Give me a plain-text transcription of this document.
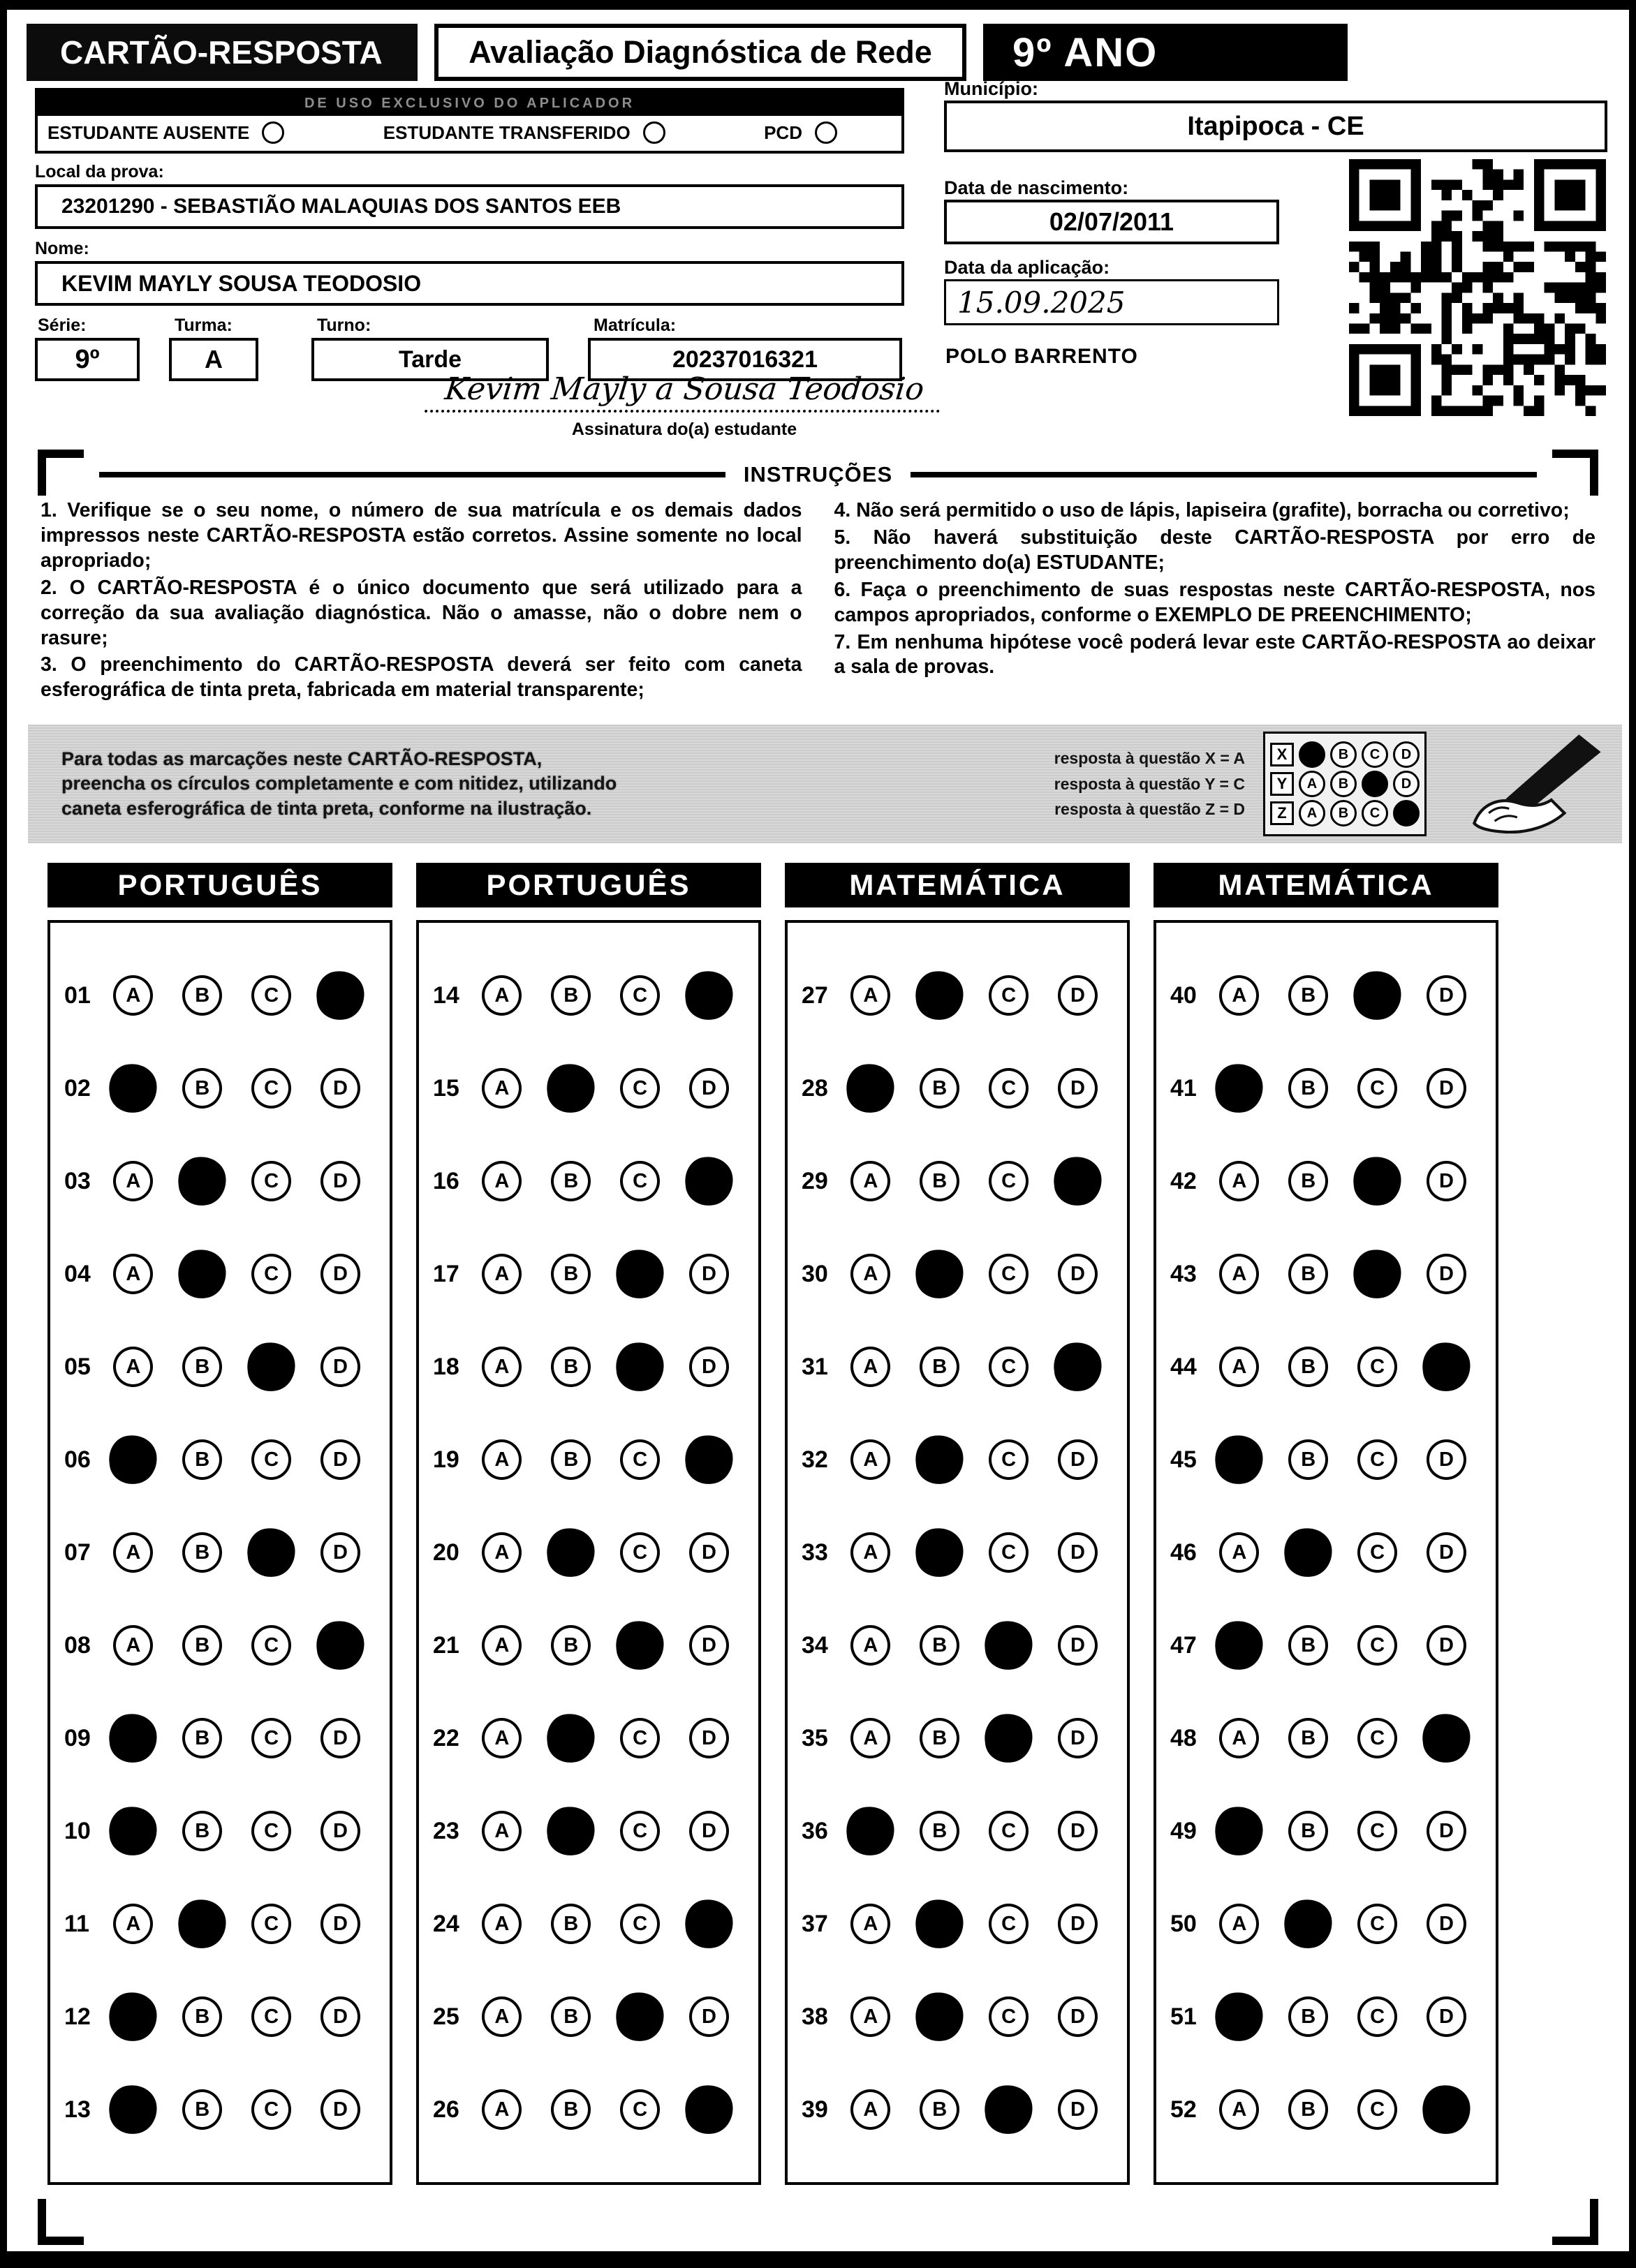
CARTÃO-RESPOSTA	Avaliação Diagnóstica de Rede	9º ANO
DE USO EXCLUSIVO DO APLICADOR
ESTUDANTE AUSENTE	ESTUDANTE TRANSFERIDO	PCD
Local da prova:
23201290 - SEBASTIÃO MALAQUIAS DOS SANTOS EEB
Nome:
KEVIM MAYLY SOUSA TEODOSIO
Série:
9º
Turma:
A
Turno:
Tarde
Matrícula:
20237016321
Município:
Itapipoca - CE
Data de nascimento:
02/07/2011
Data da aplicação:
15.09.2025
POLO BARRENTO
Kevim Mayly a Sousa Teodosio
Assinatura do(a) estudante
INSTRUÇÕES

1. Verifique se o seu nome, o número de sua matrícula e os demais dados impressos neste CARTÃO-RESPOSTA estão corretos. Assine somente no local apropriado;

2. O CARTÃO-RESPOSTA é o único documento que será utilizado para a correção da sua avaliação diagnóstica. Não o amasse, não o dobre nem o rasure;

3. O preenchimento do CARTÃO-RESPOSTA deverá ser feito com caneta esferográfica de tinta preta, fabricada em material transparente;

4. Não será permitido o uso de lápis, lapiseira (grafite), borracha ou corretivo;

5. Não haverá substituição deste CARTÃO-RESPOSTA por erro de preenchimento do(a) ESTUDANTE;

6. Faça o preenchimento de suas respostas neste CARTÃO-RESPOSTA, nos campos apropriados, conforme o EXEMPLO DE PREENCHIMENTO;

7. Em nenhuma hipótese você poderá levar este CARTÃO-RESPOSTA ao deixar a sala de provas.

Para todas as marcações neste CARTÃO-RESPOSTA, preencha os círculos completamente e com nitidez, utilizando caneta esferográfica de tinta preta, conforme na ilustração.
resposta à questão X = A
resposta à questão Y = C
resposta à questão Z = D
X	B	C	D
Y	A	B	D
Z	A	B	C
PORTUGUÊS
01	A	B	C
02	B	C	D
03	A	C	D
04	A	C	D
05	A	B	D
06	B	C	D
07	A	B	D
08	A	B	C
09	B	C	D
10	B	C	D
11	A	C	D
12	B	C	D
13	B	C	D
PORTUGUÊS
14	A	B	C
15	A	C	D
16	A	B	C
17	A	B	D
18	A	B	D
19	A	B	C
20	A	C	D
21	A	B	D
22	A	C	D
23	A	C	D
24	A	B	C
25	A	B	D
26	A	B	C
MATEMÁTICA
27	A	C	D
28	B	C	D
29	A	B	C
30	A	C	D
31	A	B	C
32	A	C	D
33	A	C	D
34	A	B	D
35	A	B	D
36	B	C	D
37	A	C	D
38	A	C	D
39	A	B	D
MATEMÁTICA
40	A	B	D
41	B	C	D
42	A	B	D
43	A	B	D
44	A	B	C
45	B	C	D
46	A	C	D
47	B	C	D
48	A	B	C
49	B	C	D
50	A	C	D
51	B	C	D
52	A	B	C
